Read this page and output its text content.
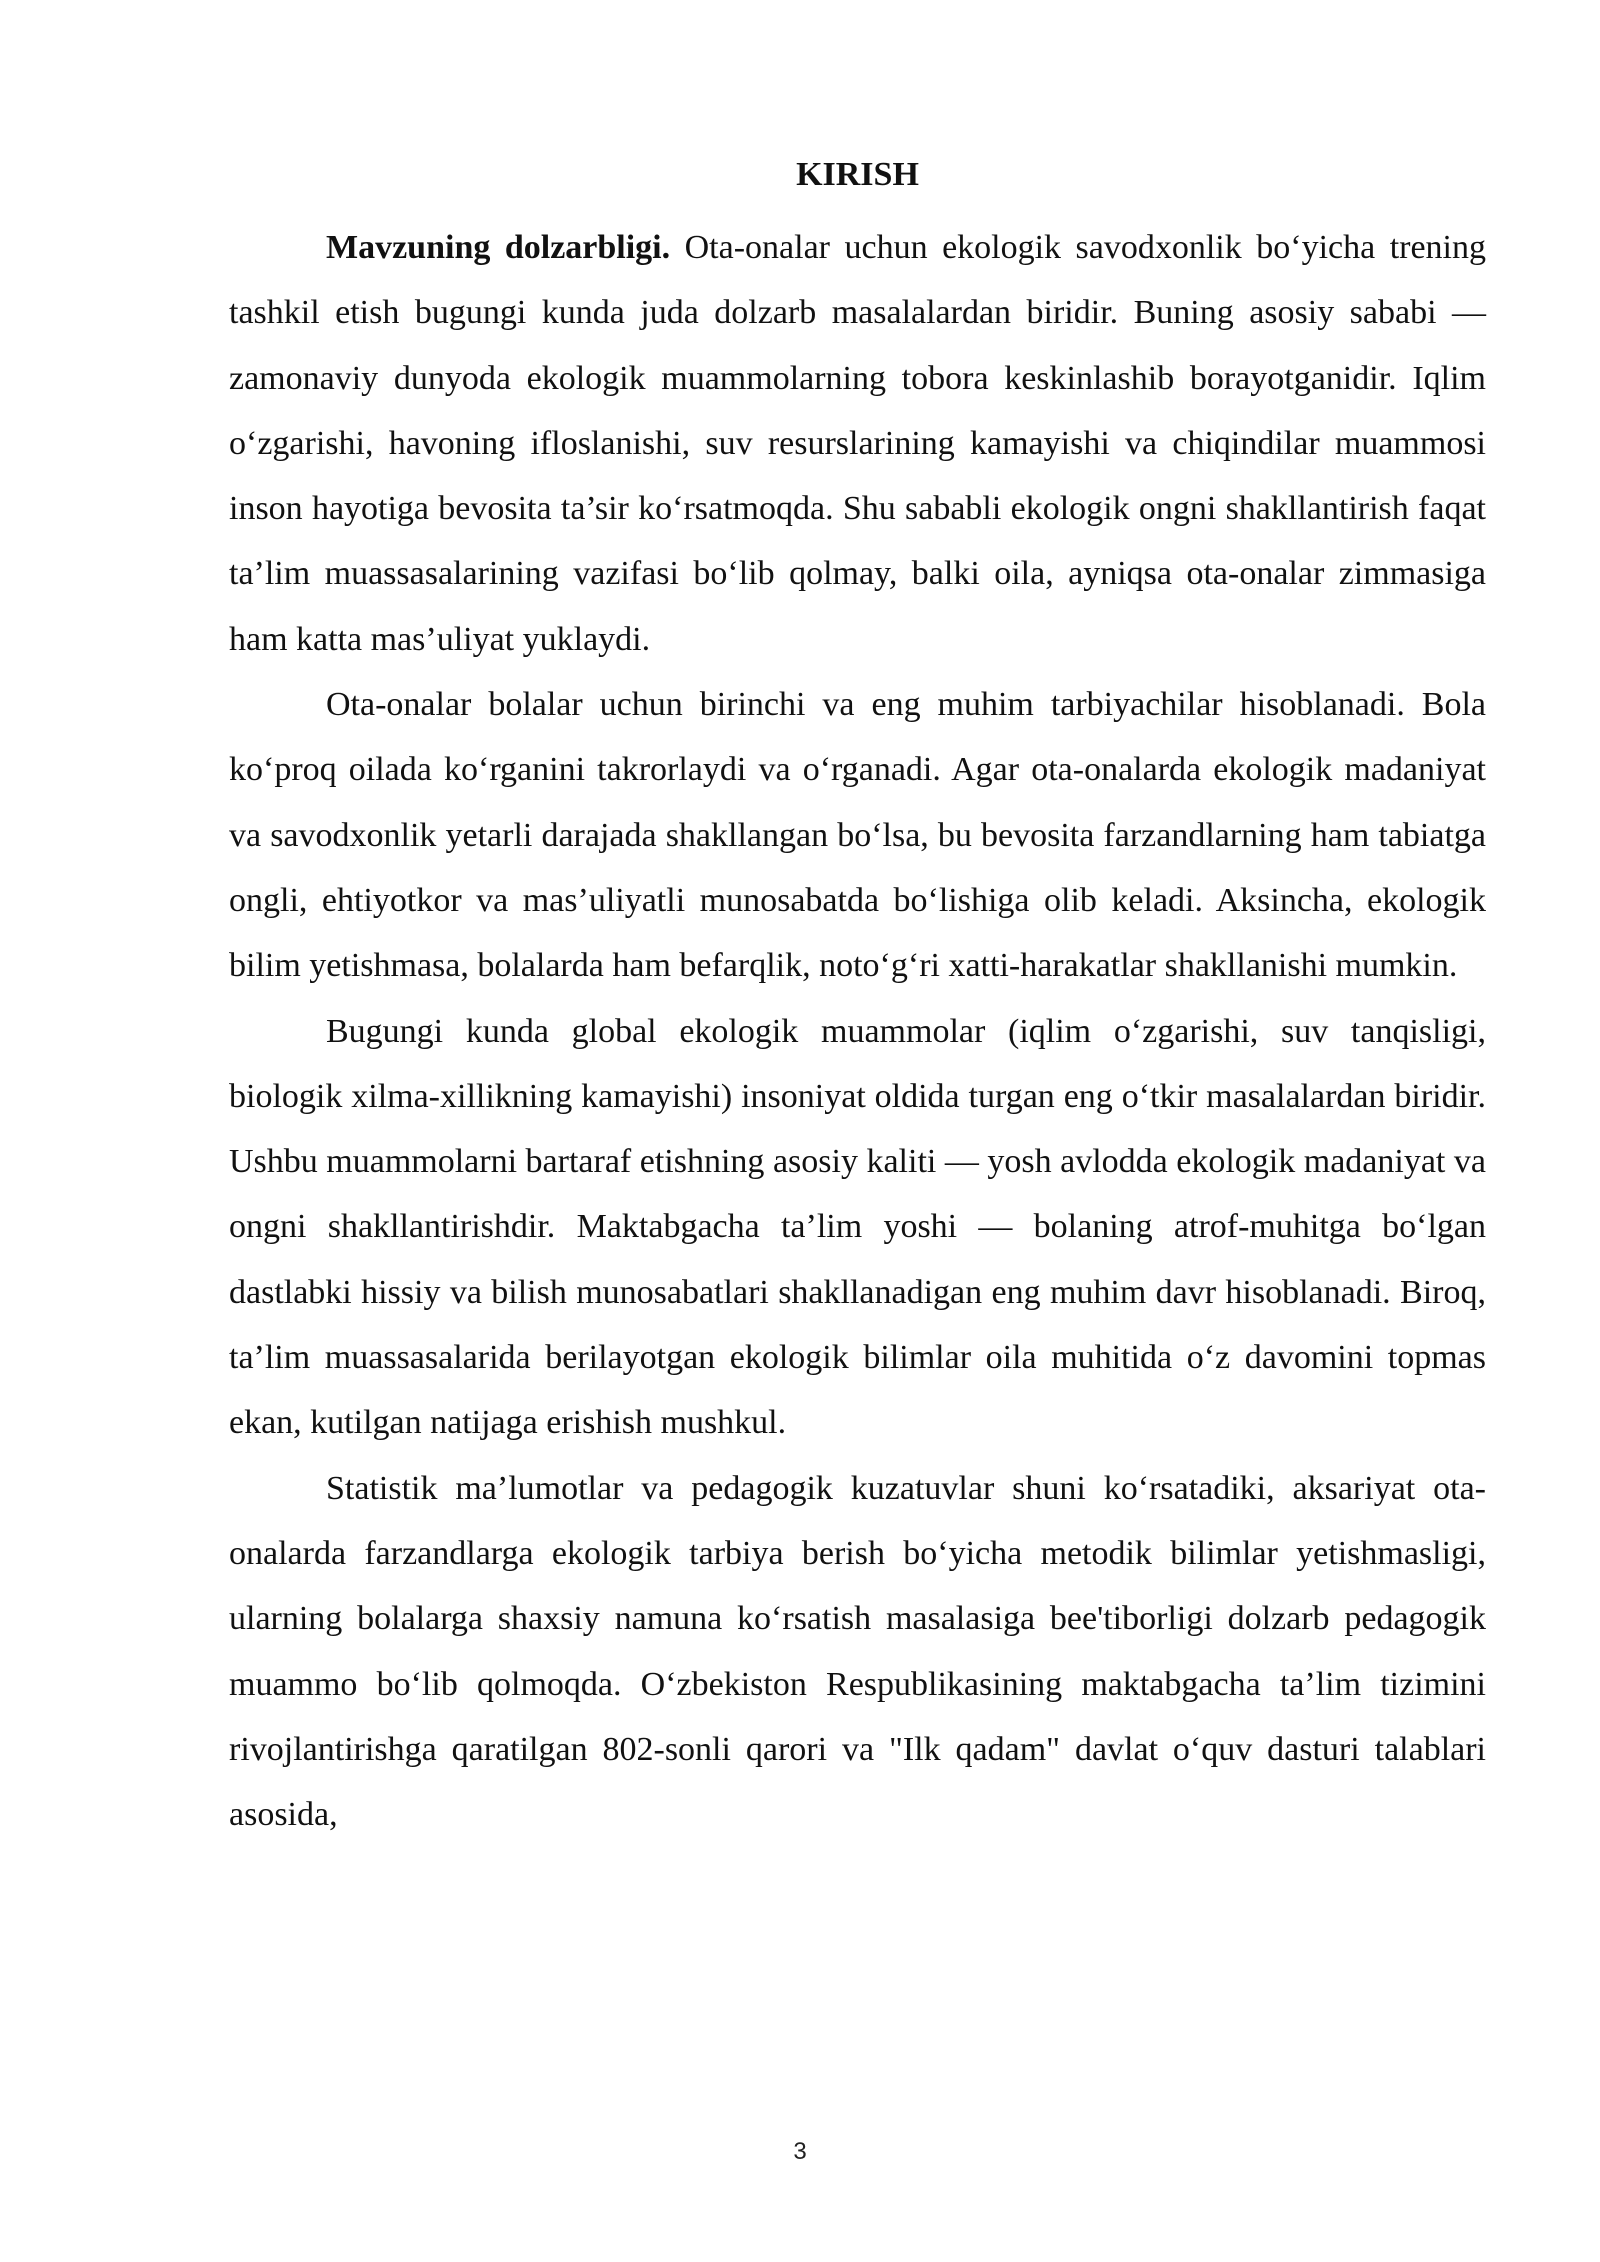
KIRISH

Mavzuning dolzarbligi. Ota-onalar uchun ekologik savodxonlik bo‘yicha trening tashkil etish bugungi kunda juda dolzarb masalalardan biridir. Buning asosiy sababi — zamonaviy dunyoda ekologik muammolarning tobora keskinlashib borayotganidir. Iqlim o‘zgarishi, havoning ifloslanishi, suv resurslarining kamayishi va chiqindilar muammosi inson hayotiga bevosita ta’sir ko‘rsatmoqda. Shu sababli ekologik ongni shakllantirish faqat ta’lim muassasalarining vazifasi bo‘lib qolmay, balki oila, ayniqsa ota-onalar zimmasiga ham katta mas’uliyat yuklaydi.

Ota-onalar bolalar uchun birinchi va eng muhim tarbiyachilar hisoblanadi. Bola ko‘proq oilada ko‘rganini takrorlaydi va o‘rganadi. Agar ota-onalarda ekologik madaniyat va savodxonlik yetarli darajada shakllangan bo‘lsa, bu bevosita farzandlarning ham tabiatga ongli, ehtiyotkor va mas’uliyatli munosabatda bo‘lishiga olib keladi. Aksincha, ekologik bilim yetishmasa, bolalarda ham befarqlik, noto‘g‘ri xatti-harakatlar shakllanishi mumkin.

Bugungi kunda global ekologik muammolar (iqlim o‘zgarishi, suv tanqisligi, biologik xilma-xillikning kamayishi) insoniyat oldida turgan eng o‘tkir masalalardan biridir. Ushbu muammolarni bartaraf etishning asosiy kaliti — yosh avlodda ekologik madaniyat va ongni shakllantirishdir. Maktabgacha ta’lim yoshi — bolaning atrof-muhitga bo‘lgan dastlabki hissiy va bilish munosabatlari shakllanadigan eng muhim davr hisoblanadi. Biroq, ta’lim muassasalarida berilayotgan ekologik bilimlar oila muhitida o‘z davomini topmas ekan, kutilgan natijaga erishish mushkul.

Statistik ma’lumotlar va pedagogik kuzatuvlar shuni ko‘rsatadiki, aksariyat ota-onalarda farzandlarga ekologik tarbiya berish bo‘yicha metodik bilimlar yetishmasligi, ularning bolalarga shaxsiy namuna ko‘rsatish masalasiga bee'tiborligi dolzarb pedagogik muammo bo‘lib qolmoqda. O‘zbekiston Respublikasining maktabgacha ta’lim tizimini rivojlantirishga qaratilgan 802-sonli qarori va "Ilk qadam" davlat o‘quv dasturi talablari asosida,

3
